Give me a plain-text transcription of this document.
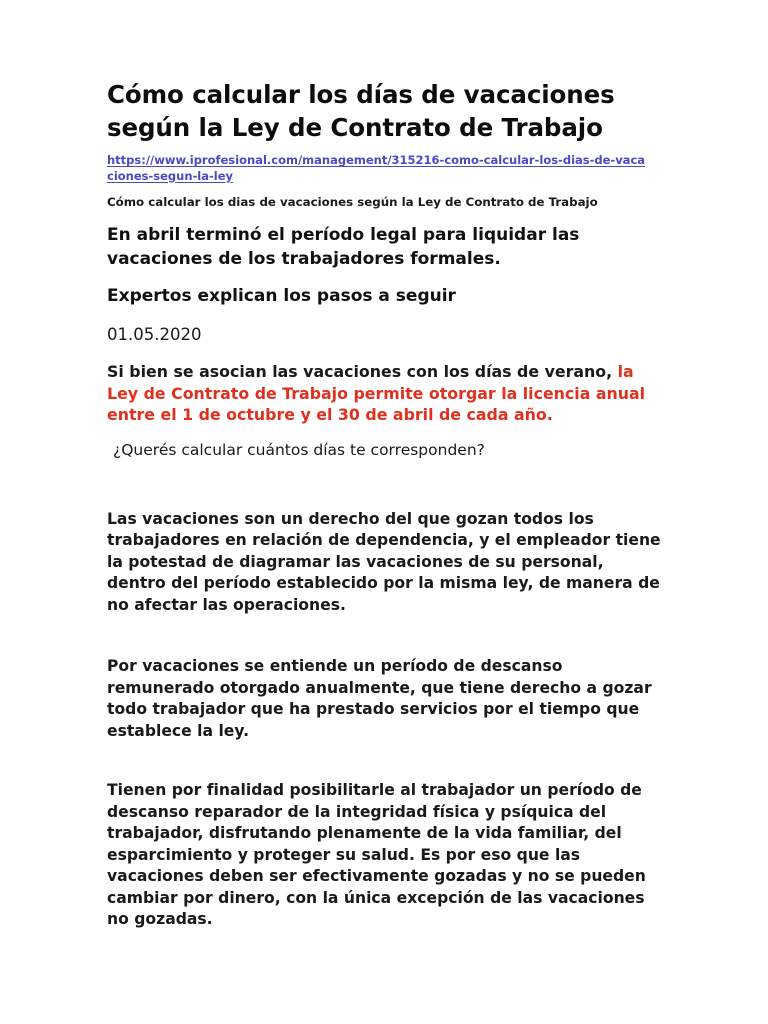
Cómo calcular los días de vacaciones
según la Ley de Contrato de Trabajo
https://www.iprofesional.com/management/315216-como-calcular-los-dias-de-vacaciones-segun-la-ley

Cómo calcular los dias de vacaciones según la Ley de Contrato de Trabajo

En abril terminó el período legal para liquidar las vacaciones de los trabajadores formales.

Expertos explican los pasos a seguir

01.05.2020

Si bien se asocian las vacaciones con los días de verano, la Ley de Contrato de Trabajo permite otorgar la licencia anual entre el 1 de octubre y el 30 de abril de cada año.

¿Querés calcular cuántos días te corresponden?

Las vacaciones son un derecho del que gozan todos los trabajadores en relación de dependencia, y el empleador tiene la potestad de diagramar las vacaciones de su personal, dentro del período establecido por la misma ley, de manera de no afectar las operaciones.

Por vacaciones se entiende un período de descanso remunerado otorgado anualmente, que tiene derecho a gozar todo trabajador que ha prestado servicios por el tiempo que establece la ley.

Tienen por finalidad posibilitarle al trabajador un período de descanso reparador de la integridad física y psíquica del trabajador, disfrutando plenamente de la vida familiar, del esparcimiento y proteger su salud. Es por eso que las vacaciones deben ser efectivamente gozadas y no se pueden cambiar por dinero, con la única excepción de las vacaciones no gozadas.
